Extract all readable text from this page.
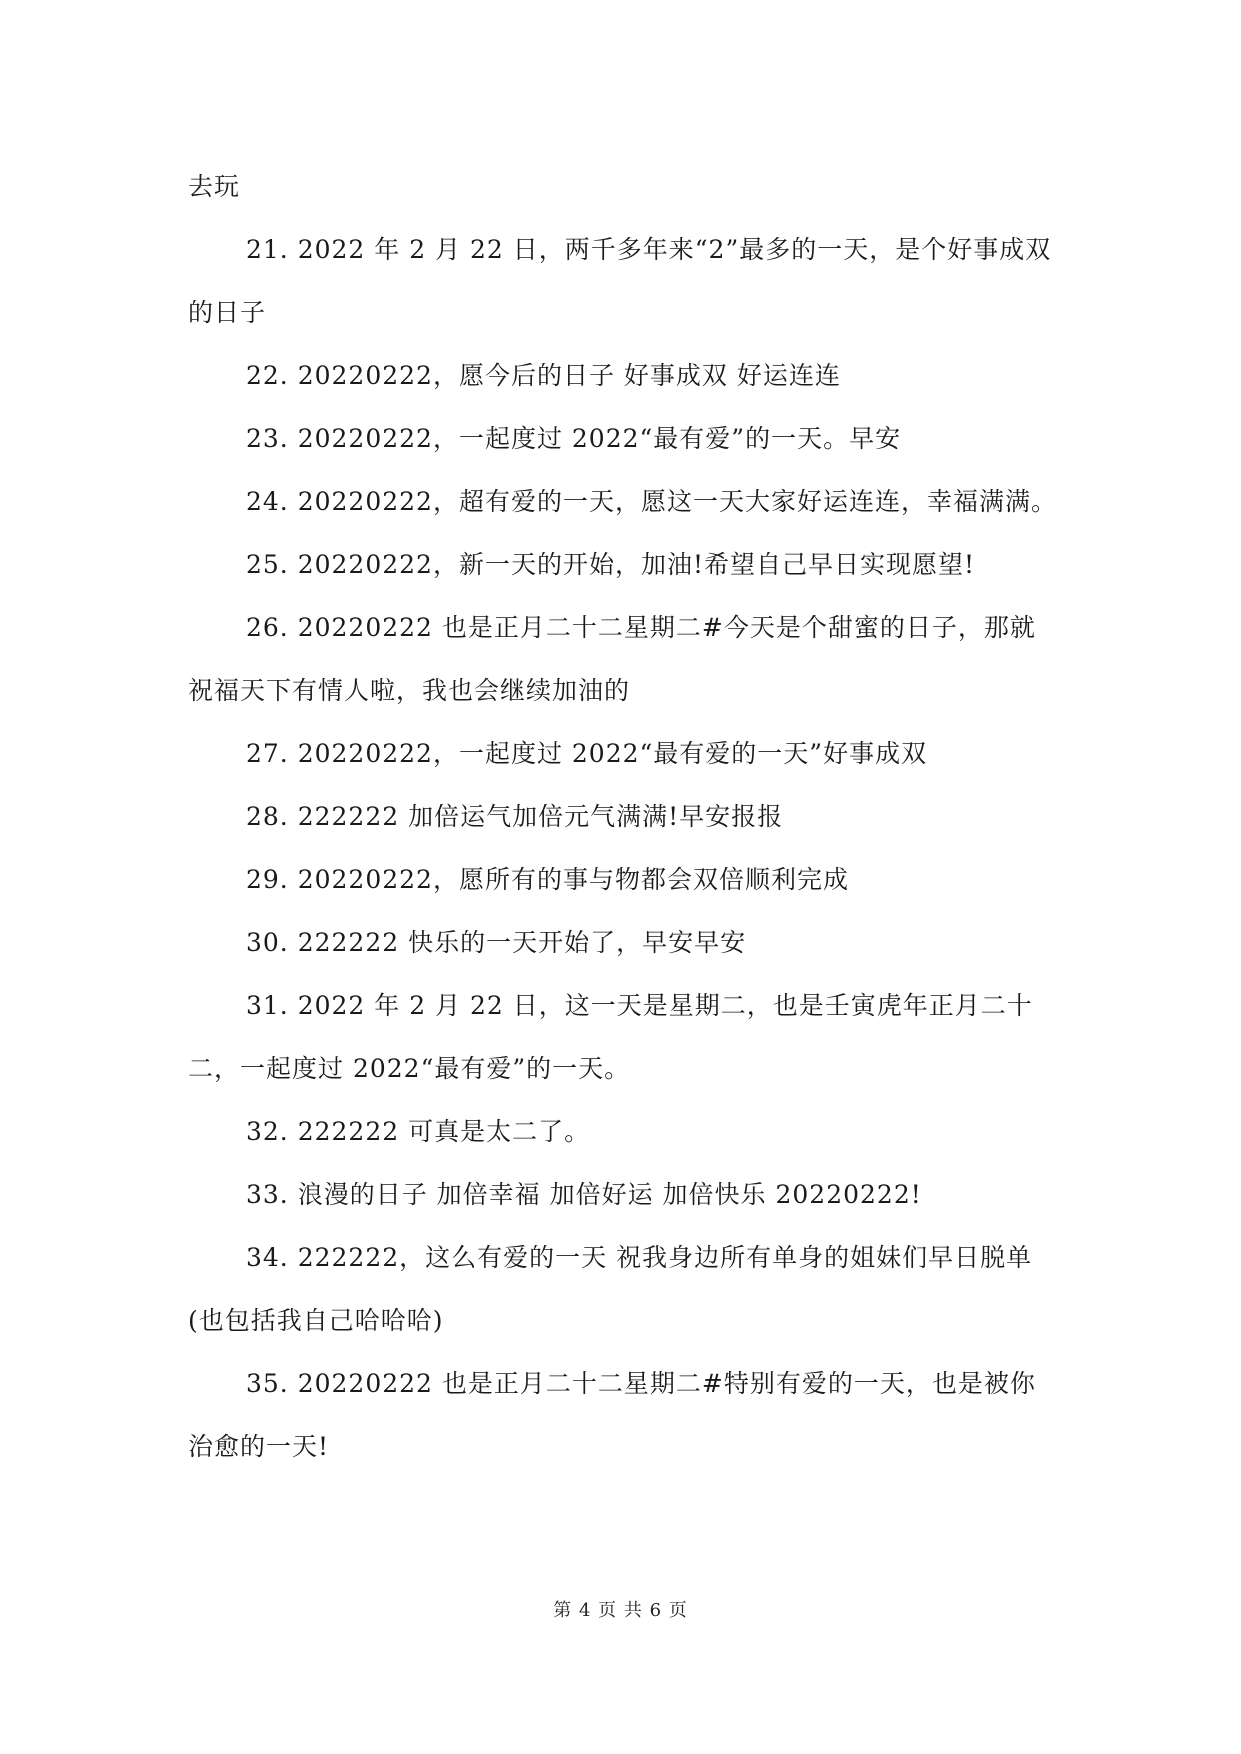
去玩

21. 2022 年 2 月 22 日，两千多年来“2”最多的一天，是个好事成双的日子

22. 20220222，愿今后的日子 好事成双 好运连连

23. 20220222，一起度过 2022“最有爱”的一天。早安

24. 20220222，超有爱的一天，愿这一天大家好运连连，幸福满满。

25. 20220222，新一天的开始，加油!希望自己早日实现愿望!

26. 20220222 也是正月二十二星期二#今天是个甜蜜的日子，那就祝福天下有情人啦，我也会继续加油的

27. 20220222，一起度过 2022“最有爱的一天”好事成双

28. 222222 加倍运气加倍元气满满!早安报报

29. 20220222，愿所有的事与物都会双倍顺利完成

30. 222222 快乐的一天开始了，早安早安

31. 2022 年 2 月 22 日，这一天是星期二，也是壬寅虎年正月二十二，一起度过 2022“最有爱”的一天。

32. 222222 可真是太二了。

33. 浪漫的日子 加倍幸福 加倍好运 加倍快乐 20220222!

34. 222222，这么有爱的一天 祝我身边所有单身的姐妹们早日脱单(也包括我自己哈哈哈)

35. 20220222 也是正月二十二星期二#特别有爱的一天，也是被你治愈的一天!

第 4 页 共 6 页
